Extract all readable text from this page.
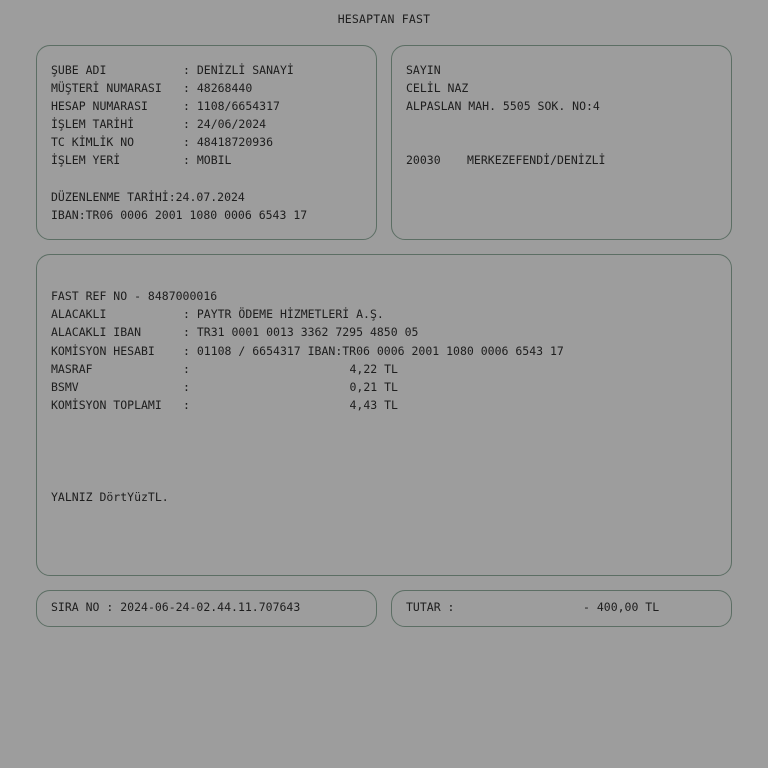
HESAPTAN FAST
ŞUBE ADI	: DENİZLİ SANAYİ
MÜŞTERİ NUMARASI : 48268440
HESAP NUMARASI	: 1108/6654317
İŞLEM TARİHİ	: 24/06/2024
TC KİMLİK NO	: 48418720936
İŞLEM YERİ	: MOBIL
DÜZENLENME TARİHİ:24.07.2024
IBAN:TR06 0006 2001 1080 0006 6543 17
SAYIN
CELİL NAZ
ALPASLAN MAH. 5505 SOK. NO:4
20030 MERKEZEFENDİ/DENİZLİ
FAST REF NO - 8487000016
ALACAKLI	: PAYTR ÖDEME HİZMETLERİ A.Ş.
ALACAKLI IBAN	: TR31 0001 0013 3362 7295 4850 05
KOMİSYON HESABI : 01108 / 6654317 IBAN:TR06 0006 2001 1080 0006 6543 17
MASRAF	:	4,22 TL
BSMV	:	0,21 TL
KOMİSYON TOPLAMI :	4,43 TL
YALNIZ DörtYüzTL.
SIRA NO : 2024-06-24-02.44.11.707643	TUTAR :	- 400,00 TL
